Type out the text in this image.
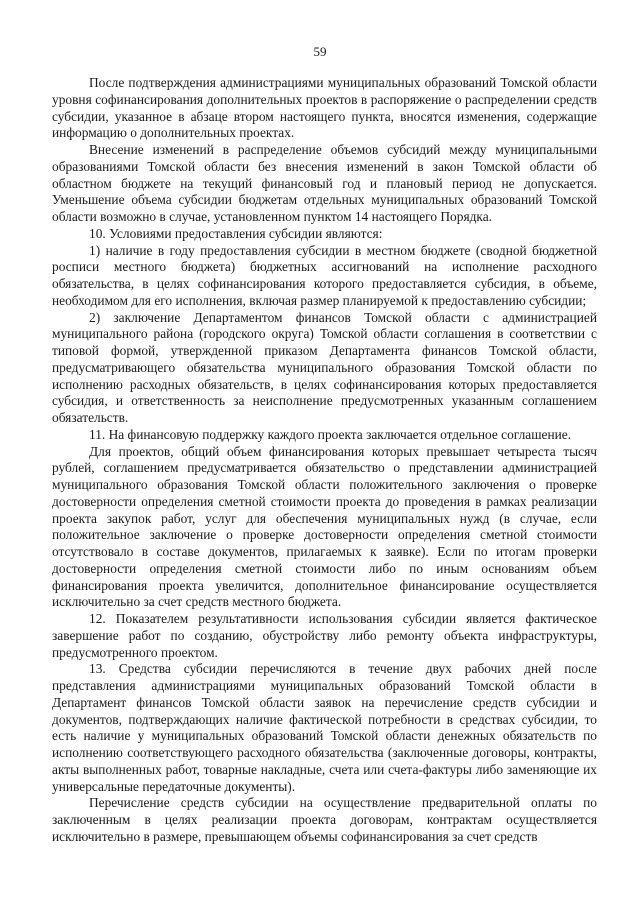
59

После подтверждения администрациями муниципальных образований Томской области уровня софинансирования дополнительных проектов в распоряжение о распределении средств субсидии, указанное в абзаце втором настоящего пункта, вносятся изменения, содержащие информацию о дополнительных проектах.

Внесение изменений в распределение объемов субсидий между муниципальными образованиями Томской области без внесения изменений в закон Томской области об областном бюджете на текущий финансовый год и плановый период не допускается. Уменьшение объема субсидии бюджетам отдельных муниципальных образований Томской области возможно в случае, установленном пунктом 14 настоящего Порядка.

10. Условиями предоставления субсидии являются:

1) наличие в году предоставления субсидии в местном бюджете (сводной бюджетной росписи местного бюджета) бюджетных ассигнований на исполнение расходного обязательства, в целях софинансирования которого предоставляется субсидия, в объеме, необходимом для его исполнения, включая размер планируемой к предоставлению субсидии;

2) заключение Департаментом финансов Томской области с администрацией муниципального района (городского округа) Томской области соглашения в соответствии с типовой формой, утвержденной приказом Департамента финансов Томской области, предусматривающего обязательства муниципального образования Томской области по исполнению расходных обязательств, в целях софинансирования которых предоставляется субсидия, и ответственность за неисполнение предусмотренных указанным соглашением обязательств.

11. На финансовую поддержку каждого проекта заключается отдельное соглашение.

Для проектов, общий объем финансирования которых превышает четыреста тысяч рублей, соглашением предусматривается обязательство о представлении администрацией муниципального образования Томской области положительного заключения о проверке достоверности определения сметной стоимости проекта до проведения в рамках реализации проекта закупок работ, услуг для обеспечения муниципальных нужд (в случае, если положительное заключение о проверке достоверности определения сметной стоимости отсутствовало в составе документов, прилагаемых к заявке). Если по итогам проверки достоверности определения сметной стоимости либо по иным основаниям объем финансирования проекта увеличится, дополнительное финансирование осуществляется исключительно за счет средств местного бюджета.

12. Показателем результативности использования субсидии является фактическое завершение работ по созданию, обустройству либо ремонту объекта инфраструктуры, предусмотренного проектом.

13. Средства субсидии перечисляются в течение двух рабочих дней после представления администрациями муниципальных образований Томской области в Департамент финансов Томской области заявок на перечисление средств субсидии и документов, подтверждающих наличие фактической потребности в средствах субсидии, то есть наличие у муниципальных образований Томской области денежных обязательств по исполнению соответствующего расходного обязательства (заключенные договоры, контракты, акты выполненных работ, товарные накладные, счета или счета-фактуры либо заменяющие их универсальные передаточные документы).

Перечисление средств субсидии на осуществление предварительной оплаты по заключенным в целях реализации проекта договорам, контрактам осуществляется исключительно в размере, превышающем объемы софинансирования за счет средств
